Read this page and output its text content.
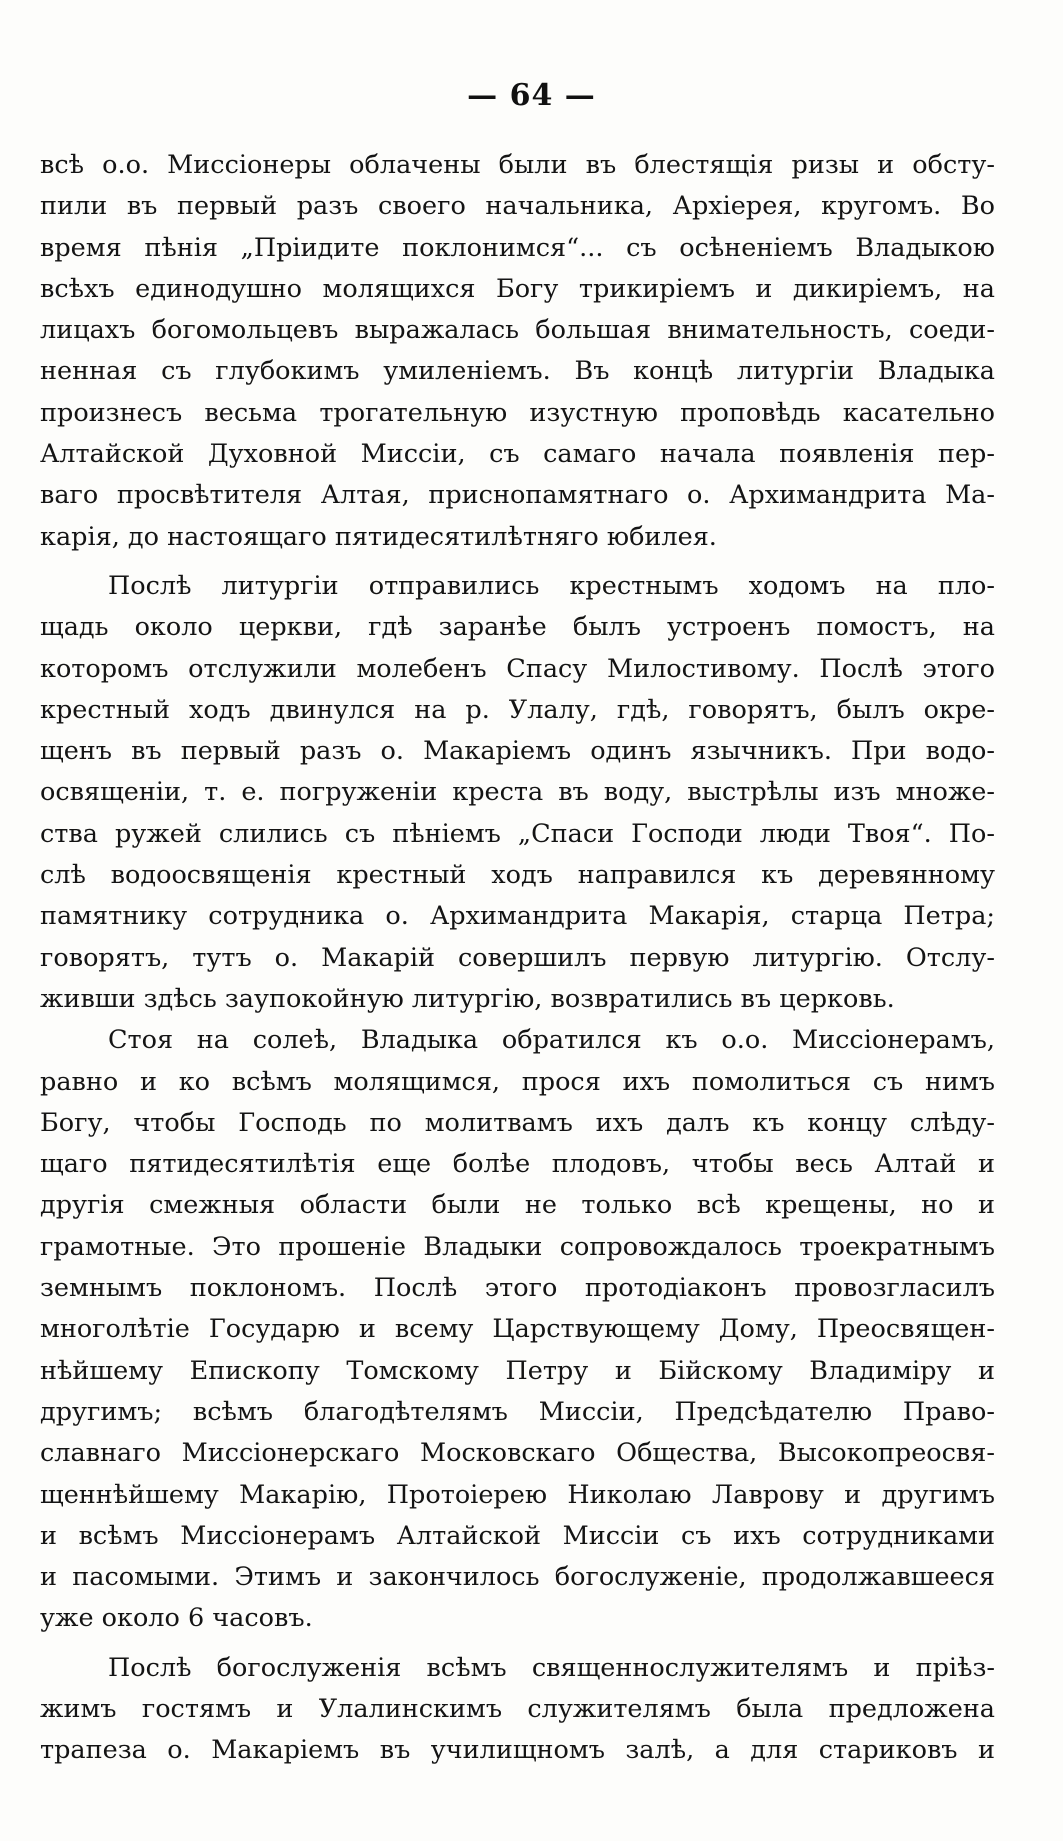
— 64 —
всѣ о.о. Миссіонеры облачены были въ блестящія ризы и обсту-
пили въ первый разъ своего начальника, Архіерея, кругомъ. Во
время пѣнія „Пріидите поклонимся“... съ осѣненіемъ Владыкою
всѣхъ единодушно молящихся Богу трикиріемъ и дикиріемъ, на
лицахъ богомольцевъ выражалась большая внимательность, соеди-
ненная съ глубокимъ умиленіемъ. Въ концѣ литургіи Владыка
произнесъ весьма трогательную изустную проповѣдь касательно
Алтайской Духовной Миссіи, съ самаго начала появленія пер-
ваго просвѣтителя Алтая, приснопамятнаго о. Архимандрита Ма-
карія, до настоящаго пятидесятилѣтняго юбилея.
Послѣ литургіи отправились крестнымъ ходомъ на пло-
щадь около церкви, гдѣ заранѣе былъ устроенъ помостъ, на
которомъ отслужили молебенъ Спасу Милостивому. Послѣ этого
крестный ходъ двинулся на р. Улалу, гдѣ, говорятъ, былъ окре-
щенъ въ первый разъ о. Макаріемъ одинъ язычникъ. При водо-
освященіи, т. е. погруженіи креста въ воду, выстрѣлы изъ множе-
ства ружей слились съ пѣніемъ „Спаси Господи люди Твоя“. По-
слѣ водоосвященія крестный ходъ направился къ деревянному
памятнику сотрудника о. Архимандрита Макарія, старца Петра;
говорятъ, тутъ о. Макарій совершилъ первую литургію. Отслу-
живши здѣсь заупокойную литургію, возвратились въ церковь.
Стоя на солеѣ, Владыка обратился къ о.о. Миссіонерамъ,
равно и ко всѣмъ молящимся, прося ихъ помолиться съ нимъ
Богу, чтобы Господь по молитвамъ ихъ далъ къ концу слѣду-
щаго пятидесятилѣтія еще болѣе плодовъ, чтобы весь Алтай и
другія смежныя области были не только всѣ крещены, но и
грамотные. Это прошеніе Владыки сопровождалось троекратнымъ
земнымъ поклономъ. Послѣ этого протодіаконъ провозгласилъ
многолѣтіе Государю и всему Царствующему Дому, Преосвящен-
нѣйшему Епископу Томскому Петру и Бійскому Владиміру и
другимъ; всѣмъ благодѣтелямъ Миссіи, Предсѣдателю Право-
славнаго Миссіонерскаго Московскаго Общества, Высокопреосвя-
щеннѣйшему Макарію, Протоіерею Николаю Лаврову и другимъ
и всѣмъ Миссіонерамъ Алтайской Миссіи съ ихъ сотрудниками
и пасомыми. Этимъ и закончилось богослуженіе, продолжавшееся
уже около 6 часовъ.
Послѣ богослуженія всѣмъ священнослужителямъ и пріѣз-
жимъ гостямъ и Улалинскимъ служителямъ была предложена
трапеза о. Макаріемъ въ училищномъ залѣ, а для стариковъ и
